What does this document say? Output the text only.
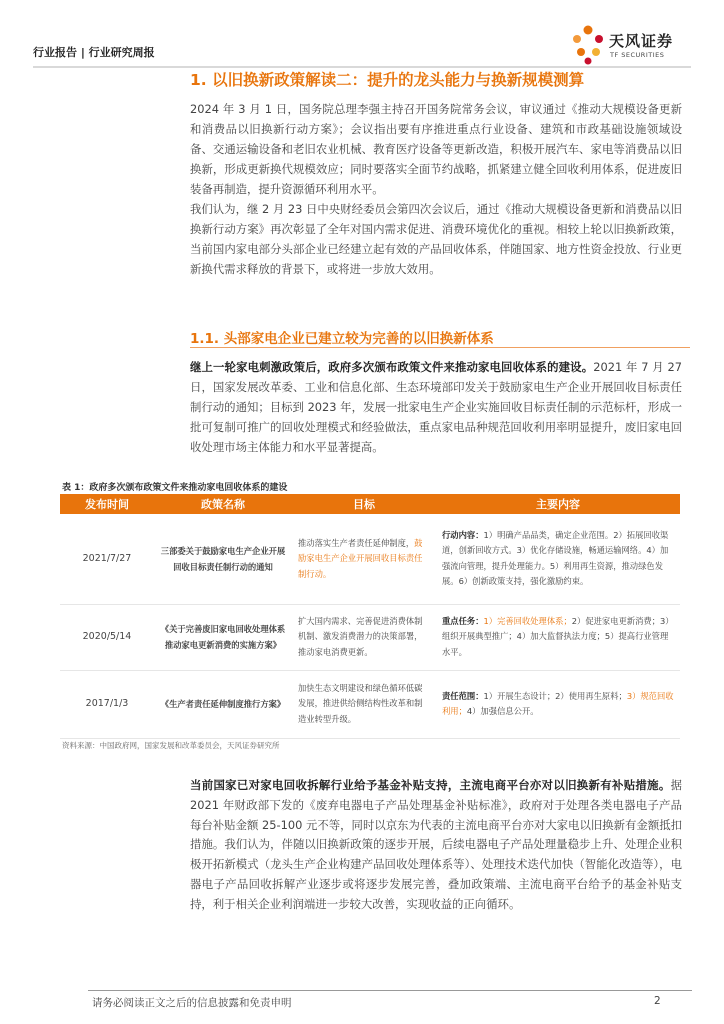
行业报告 | 行业研究周报
天风证券
TF SECURITIES
1. 以旧换新政策解读二：提升的龙头能力与换新规模测算
2024 年 3 月 1 日，国务院总理李强主持召开国务院常务会议，审议通过《推动大规模设备更新和消费品以旧换新行动方案》；会议指出要有序推进重点行业设备、建筑和市政基础设施领域设备、交通运输设备和老旧农业机械、教育医疗设备等更新改造，积极开展汽车、家电等消费品以旧换新，形成更新换代规模效应；同时要落实全面节约战略，抓紧建立健全回收利用体系，促进废旧装备再制造，提升资源循环利用水平。
我们认为，继 2 月 23 日中央财经委员会第四次会议后，通过《推动大规模设备更新和消费品以旧换新行动方案》再次彰显了全年对国内需求促进、消费环境优化的重视。相较上轮以旧换新政策，当前国内家电部分头部企业已经建立起有效的产品回收体系，伴随国家、地方性资金投放、行业更新换代需求释放的背景下，或将进一步放大效用。
1.1. 头部家电企业已建立较为完善的以旧换新体系
继上一轮家电刺激政策后，政府多次颁布政策文件来推动家电回收体系的建设。2021 年 7 月 27 日，国家发展改革委、工业和信息化部、生态环境部印发关于鼓励家电生产企业开展回收目标责任制行动的通知；目标到 2023 年，发展一批家电生产企业实施回收目标责任制的示范标杆，形成一批可复制可推广的回收处理模式和经验做法，重点家电品种规范回收利用率明显提升，废旧家电回收处理市场主体能力和水平显著提高。
表 1：政府多次颁布政策文件来推动家电回收体系的建设
发布时间	政策名称	目标	主要内容
2021/7/27	三部委关于鼓励家电生产企业开展回收目标责任制行动的通知	推动落实生产者责任延伸制度，鼓励家电生产企业开展回收目标责任制行动。	行动内容：1）明确产品品类，确定企业范围。2）拓展回收渠道，创新回收方式。3）优化存储设施，畅通运输网络。4）加强流向管理，提升处理能力。5）利用再生资源，推动绿色发展。6）创新政策支持，强化激励约束。
2020/5/14	《关于完善废旧家电回收处理体系推动家电更新消费的实施方案》	扩大国内需求、完善促进消费体制机制、激发消费潜力的决策部署，推动家电消费更新。	重点任务：1）完善回收处理体系；2）促进家电更新消费；3）组织开展典型推广；4）加大监督执法力度；5）提高行业管理水平。
2017/1/3	《生产者责任延伸制度推行方案》	加快生态文明建设和绿色循环低碳发展，推进供给侧结构性改革和制造业转型升级。	责任范围：1）开展生态设计；2）使用再生原料；3）规范回收利用；4）加强信息公开。
资料来源：中国政府网，国家发展和改革委员会，天风证券研究所
当前国家已对家电回收拆解行业给予基金补贴支持，主流电商平台亦对以旧换新有补贴措施。据 2021 年财政部下发的《废弃电器电子产品处理基金补贴标准》，政府对于处理各类电器电子产品每台补贴金额 25-100 元不等，同时以京东为代表的主流电商平台亦对大家电以旧换新有金额抵扣措施。我们认为，伴随以旧换新政策的逐步开展，后续电器电子产品处理量稳步上升、处理企业积极开拓新模式（龙头生产企业构建产品回收处理体系等）、处理技术迭代加快（智能化改造等），电器电子产品回收拆解产业逐步或将逐步发展完善，叠加政策端、主流电商平台给予的基金补贴支持，利于相关企业利润端进一步较大改善，实现收益的正向循环。
请务必阅读正文之后的信息披露和免责申明	2
